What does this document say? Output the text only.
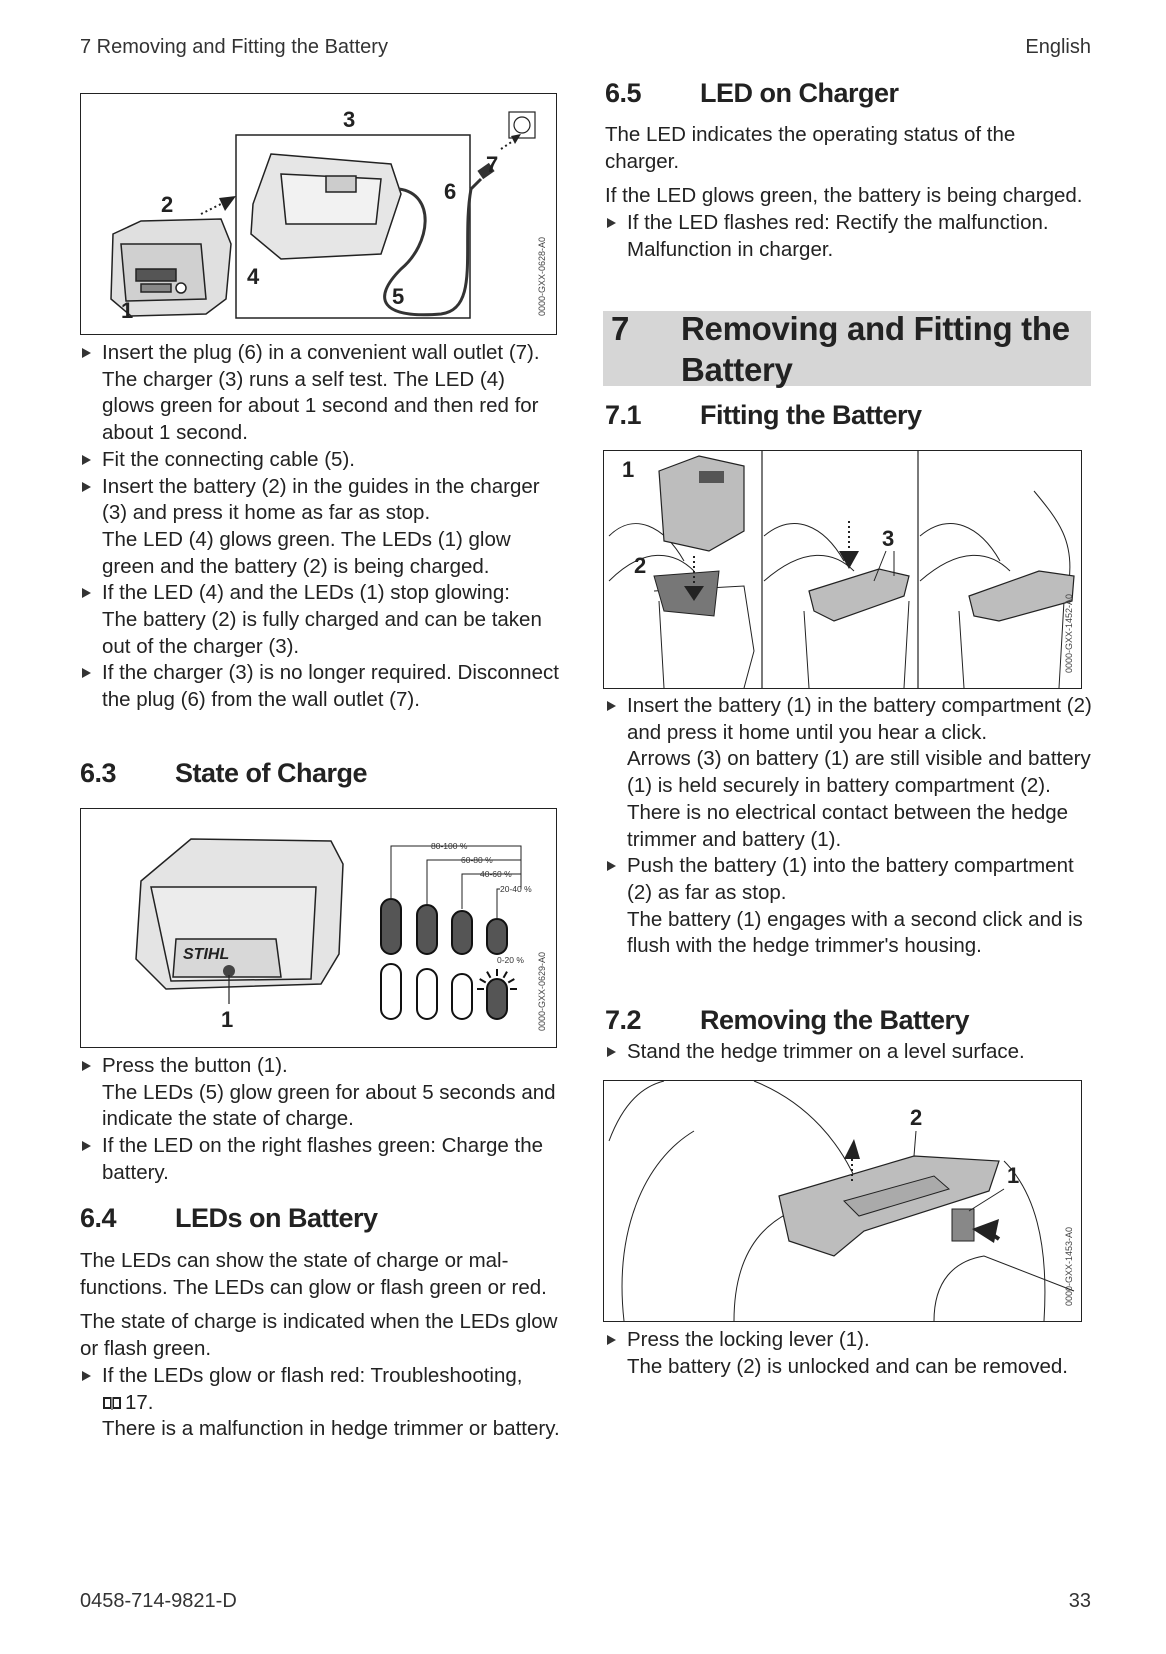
7 Removing and Fitting the Battery	English
1
2
3
4
5
6
7
0000-GXX-0628-A0
Insert the plug (6) in a convenient wall outlet (7).
The charger (3) runs a self test. The LED (4) glows green for about 1 second and then red for about 1 second.
Fit the connecting cable (5).
Insert the battery (2) in the guides in the charger (3) and press it home as far as stop.
The LED (4) glows green. The LEDs (1) glow green and the battery (2) is being charged.
If the LED (4) and the LEDs (1) stop glowing:
The battery (2) is fully charged and can be taken out of the charger (3).
If the charger (3) is no longer required. Disconnect the plug (6) from the wall outlet (7).
6.3 State of Charge
STIHL
1
80-100 %
60-80 %
40-60 %
20-40 %
0-20 % 0000-GXX-0629-A0
Press the button (1).
The LEDs (5) glow green for about 5 seconds and indicate the state of charge.
If the LED on the right flashes green: Charge the battery.
6.4 LEDs on Battery

The LEDs can show the state of charge or malfunctions. The LEDs can glow or flash green or red.

The state of charge is indicated when the LEDs glow or flash green.

If the LEDs glow or flash red: Troubleshooting,
17.
There is a malfunction in hedge trimmer or battery.
6.5 LED on Charger

The LED indicates the operating status of the charger.

If the LED glows green, the battery is being charged.

If the LED flashes red: Rectify the malfunction.
Malfunction in charger.
7 Removing and Fitting the
Battery
7.1 Fitting the Battery
1
2
3
0000-GXX-1452-A0
Insert the battery (1) in the battery compartment (2) and press it home until you hear a click.
Arrows (3) on battery (1) are still visible and battery (1) is held securely in battery compartment (2). There is no electrical contact between the hedge trimmer and battery (1).
Push the battery (1) into the battery compartment (2) as far as stop.
The battery (1) engages with a second click and is flush with the hedge trimmer's housing.
7.2 Removing the Battery
Stand the hedge trimmer on a level surface.
2
1
0000-GXX-1453-A0
Press the locking lever (1).
The battery (2) is unlocked and can be removed.
0458-714-9821-D	33
